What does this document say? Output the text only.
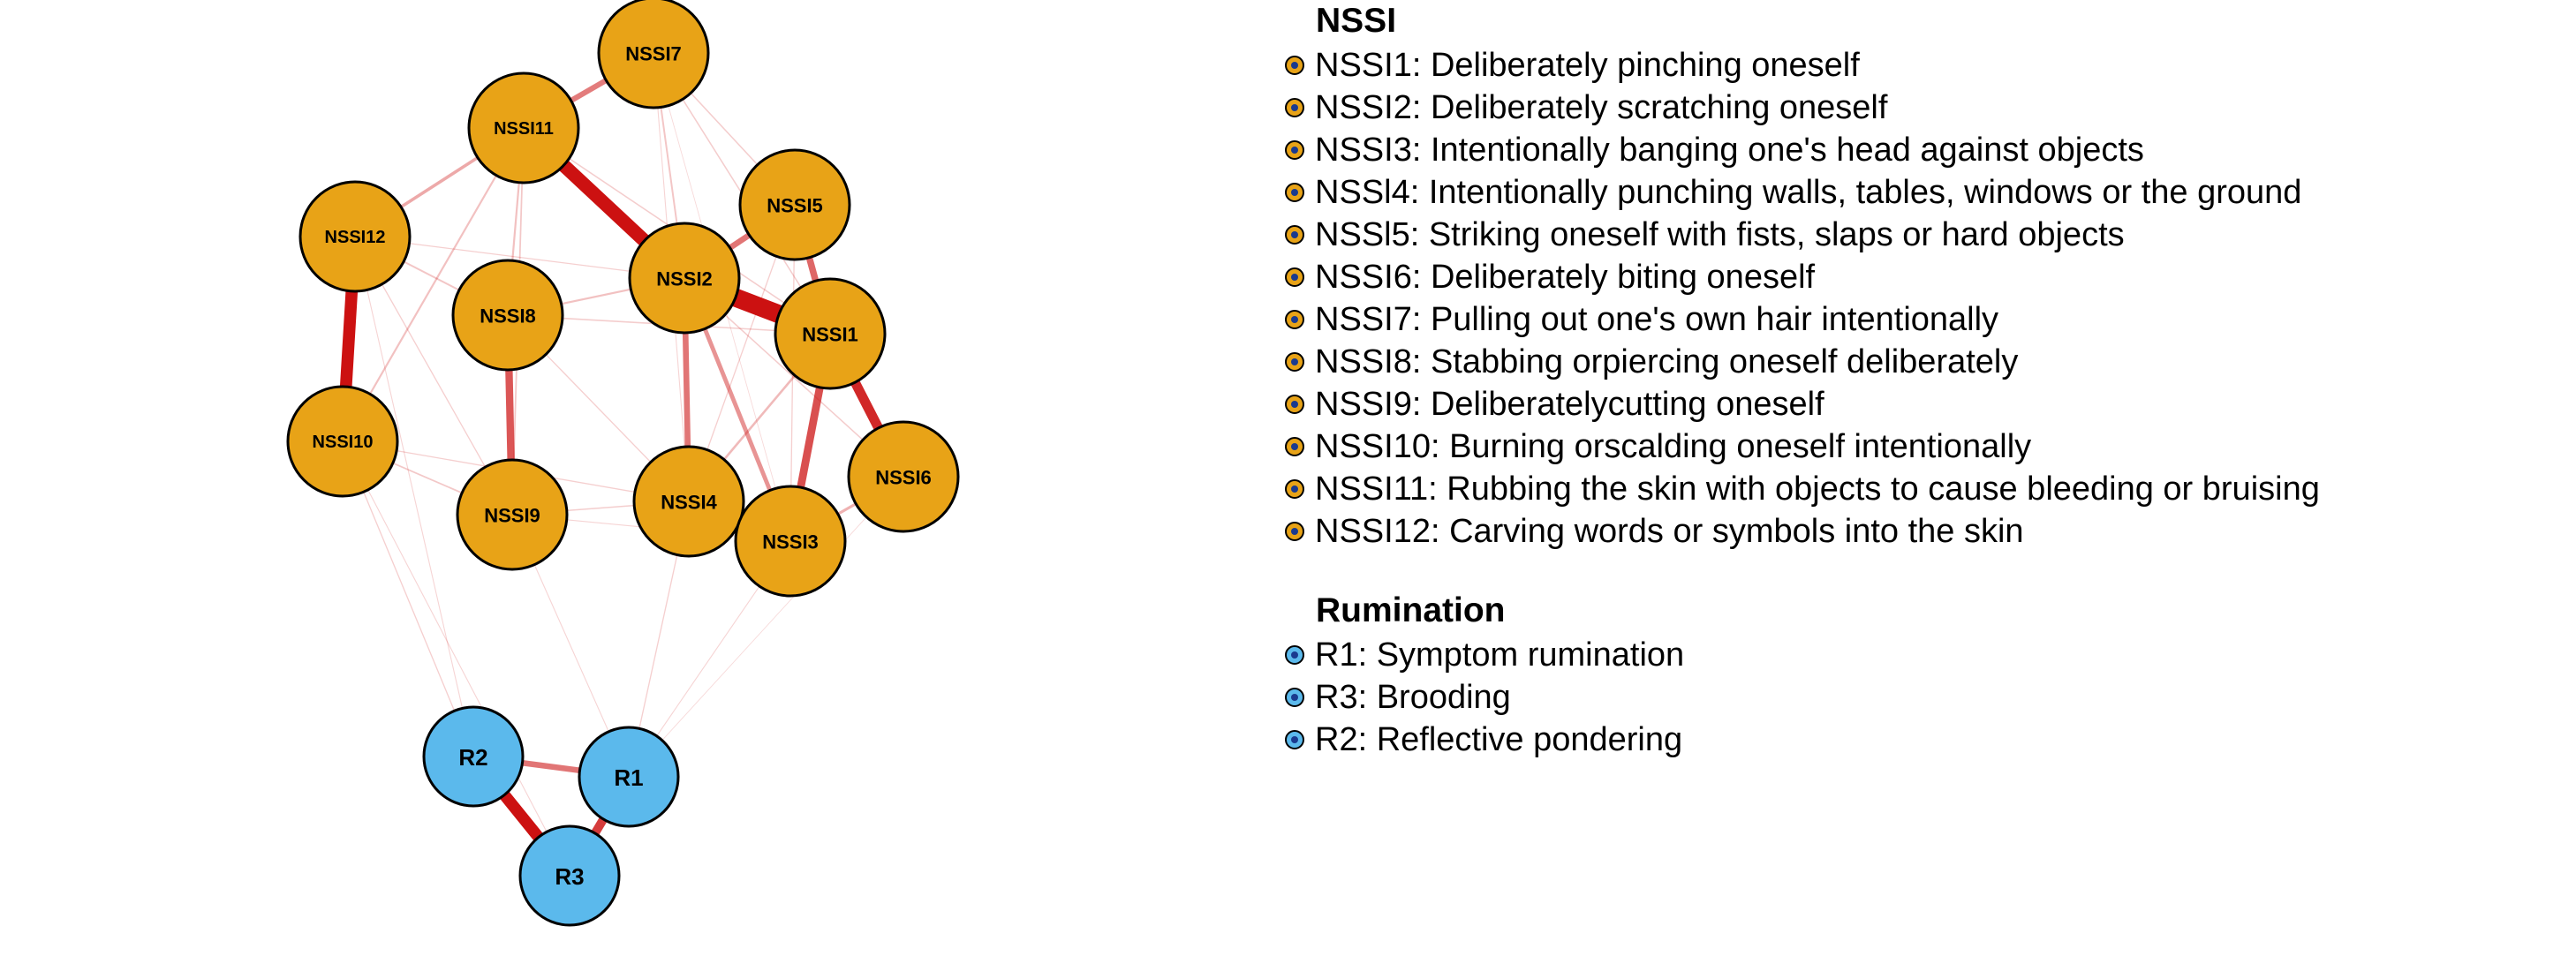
NSSI7
NSSI11
NSSI5
NSSI12
NSSI2
NSSI8
NSSI1
NSSI10
NSSI6
NSSI4
NSSI9
NSSI3
R2
R1
R3
NSSI
NSSI1: Deliberately pinching oneself
NSSI2: Deliberately scratching oneself
NSSI3: Intentionally banging one's head against objects
NSSl4: Intentionally punching walls, tables, windows or the ground
NSSl5: Striking oneself with fists, slaps or hard objects
NSSI6: Deliberately biting oneself
NSSI7: Pulling out one's own hair intentionally
NSSI8: Stabbing orpiercing oneself deliberately
NSSI9: Deliberatelycutting oneself
NSSI10: Burning orscalding oneself intentionally
NSSI11: Rubbing the skin with objects to cause bleeding or bruising
NSSI12: Carving words or symbols into the skin
Rumination
R1: Symptom rumination
R3: Brooding
R2: Reflective pondering
